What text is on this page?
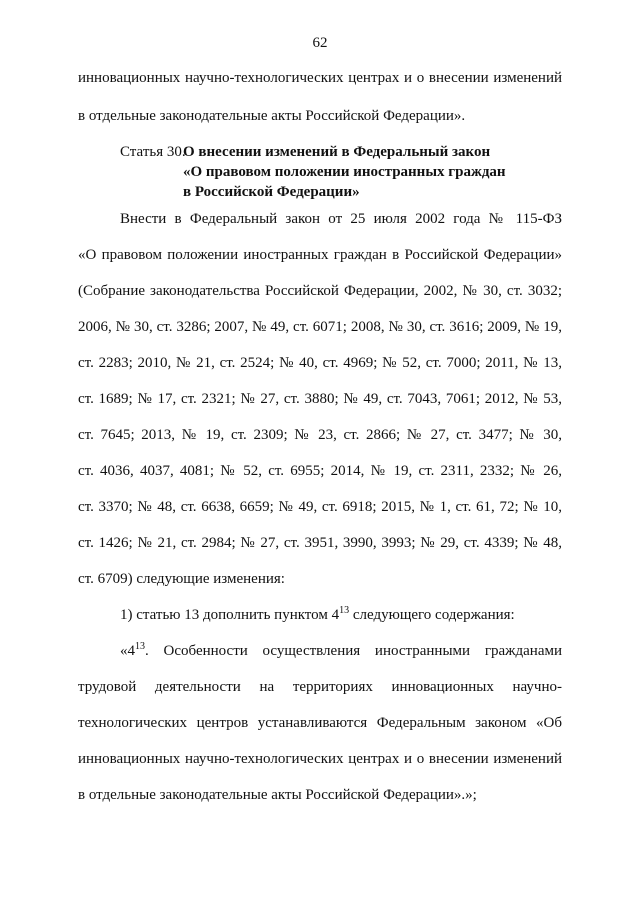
62
инновационных научно-технологических центрах и о внесении изменений
в отдельные законодательные акты Российской Федерации».
Статья 30.
О внесении изменений в Федеральный закон
«О правовом положении иностранных граждан
в Российской Федерации»
Внести в Федеральный закон от 25 июля 2002 года № 115-ФЗ
«О правовом положении иностранных граждан в Российской Федерации»
(Собрание законодательства Российской Федерации, 2002, № 30, ст. 3032;
2006, № 30, ст. 3286; 2007, № 49, ст. 6071; 2008, № 30, ст. 3616; 2009, № 19,
ст. 2283; 2010, № 21, ст. 2524; № 40, ст. 4969; № 52, ст. 7000; 2011, № 13,
ст. 1689; № 17, ст. 2321; № 27, ст. 3880; № 49, ст. 7043, 7061; 2012, № 53,
ст. 7645; 2013, № 19, ст. 2309; № 23, ст. 2866; № 27, ст. 3477; № 30,
ст. 4036, 4037, 4081; № 52, ст. 6955; 2014, № 19, ст. 2311, 2332; № 26,
ст. 3370; № 48, ст. 6638, 6659; № 49, ст. 6918; 2015, № 1, ст. 61, 72; № 10,
ст. 1426; № 21, ст. 2984; № 27, ст. 3951, 3990, 3993; № 29, ст. 4339; № 48,
ст. 6709) следующие изменения:
1) статью 13 дополнить пунктом $4^{13}$ следующего содержания:
«$4^{13}$. Особенности осуществления иностранными гражданами
трудовой деятельности на территориях инновационных научно-
технологических центров устанавливаются Федеральным законом «Об
инновационных научно-технологических центрах и о внесении изменений
в отдельные законодательные акты Российской Федерации».»;
